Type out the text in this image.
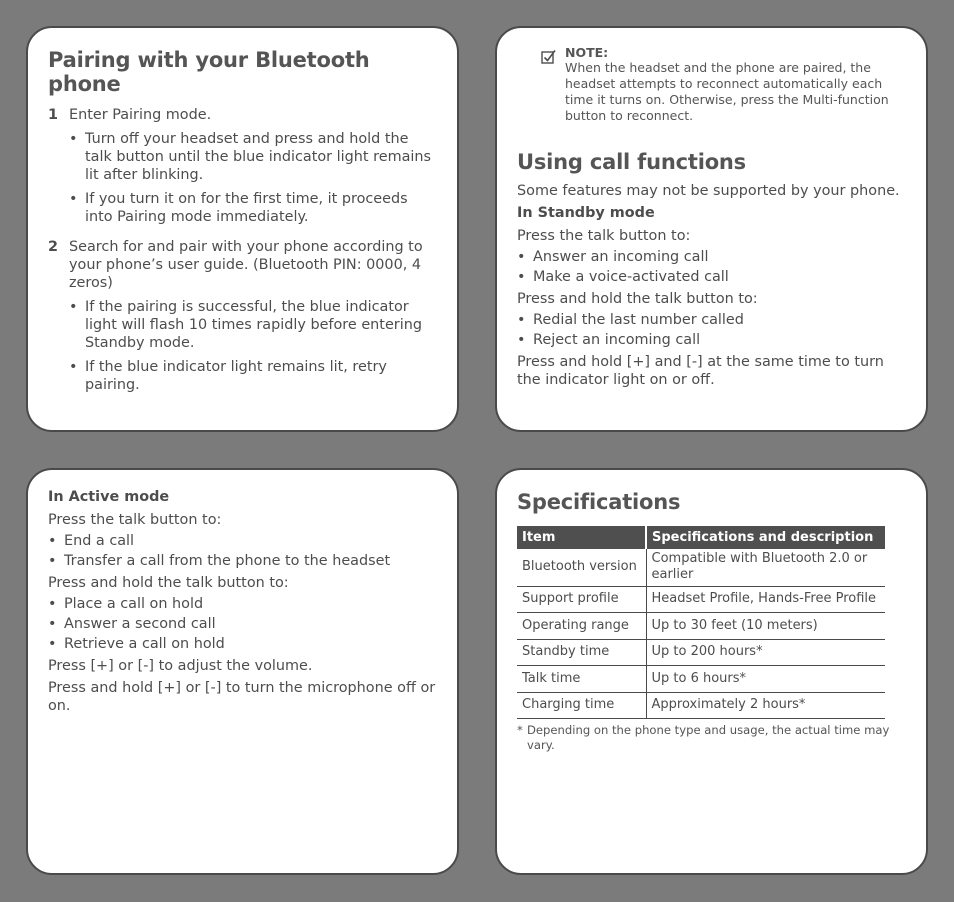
Pairing with your Bluetooth phone
1 Enter Pairing mode.
• Turn off your headset and press and hold the talk button until the blue indicator light remains lit after blinking.
• If you turn it on for the first time, it proceeds into Pairing mode immediately.
2 Search for and pair with your phone according to your phone’s user guide. (Bluetooth PIN: 0000, 4 zeros)
• If the pairing is successful, the blue indicator light will flash 10 times rapidly before entering Standby mode.
• If the blue indicator light remains lit, retry pairing.
NOTE:
When the headset and the phone are paired, the headset attempts to reconnect automatically each time it turns on. Otherwise, press the Multi-function button to reconnect.
Using call functions
Some features may not be supported by your phone.
In Standby mode
Press the talk button to:
• Answer an incoming call
• Make a voice-activated call
Press and hold the talk button to:
• Redial the last number called
• Reject an incoming call
Press and hold [+] and [-] at the same time to turn the indicator light on or off.
In Active mode
Press the talk button to:
• End a call
• Transfer a call from the phone to the headset
Press and hold the talk button to:
• Place a call on hold
• Answer a second call
• Retrieve a call on hold
Press [+] or [-] to adjust the volume.
Press and hold [+] or [-] to turn the microphone off or on.
Specifications
Item	Specifications and description
Bluetooth version	Compatible with Bluetooth 2.0 or earlier
Support profile	Headset Profile, Hands-Free Profile
Operating range	Up to 30 feet (10 meters)
Standby time	Up to 200 hours*
Talk time	Up to 6 hours*
Charging time	Approximately 2 hours*
* Depending on the phone type and usage, the actual time may vary.
